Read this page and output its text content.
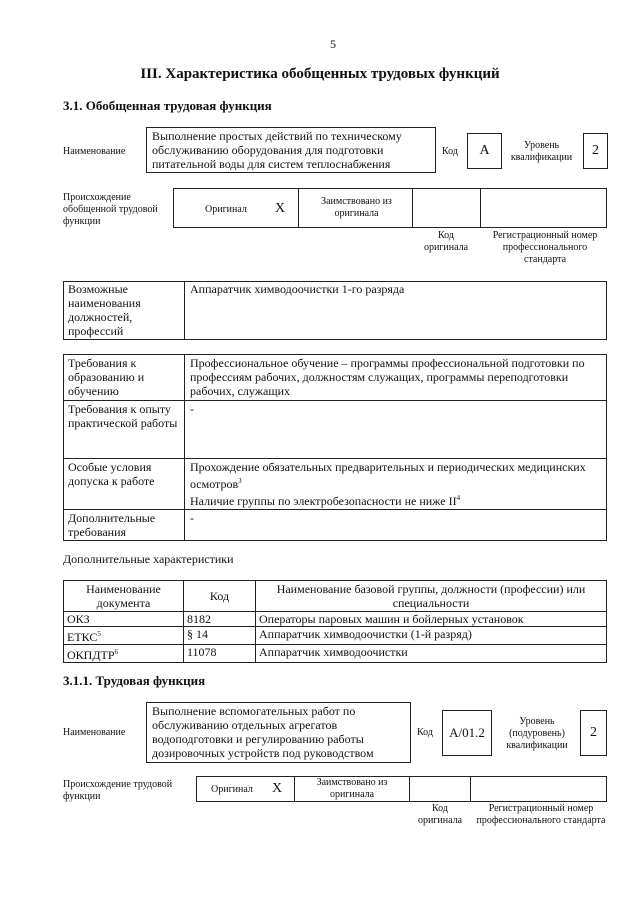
5
III. Характеристика обобщенных трудовых функций
3.1. Обобщенная трудовая функция
Наименование
Выполнение простых действий по техническому обслуживанию оборудования для подготовки питательной воды для систем теплоснабжения
Код	А	Уровень квалификации	2
Происхождение обобщенной трудовой функции
Оригинал X	Заимствовано из оригинала
Код оригинала
Регистрационный номер профессионального стандарта
Возможные наименования должностей, профессий	Аппаратчик химводоочистки 1-го разряда
Требования к образованию и обучению	Профессиональное обучение – программы профессиональной подготовки по профессиям рабочих, должностям служащих, программы переподготовки рабочих, служащих
Требования к опыту практической работы	-
Особые условия допуска к работе	Прохождение обязательных предварительных и периодических медицинских осмотров$^3$
Наличие группы по электробезопасности не ниже $II^4$
Дополнительные требования	-
Дополнительные характеристики
Наименование документа	Код	Наименование базовой группы, должности (профессии) или специальности
ОКЗ	8182	Операторы паровых машин и бойлерных установок
ЕТКС$^5$	§ 14	Аппаратчик химводоочистки (1-й разряд)
ОКПДТР$^6$	11078	Аппаратчик химводоочистки
3.1.1. Трудовая функция
Наименование
Выполнение вспомогательных работ по обслуживанию отдельных агрегатов водоподготовки и регулированию работы дозировочных устройств под руководством
Код	А/01.2
Уровень (подуровень) квалификации
2
Происхождение трудовой функции
Оригинал X	Заимствовано из оригинала
Код оригинала
Регистрационный номер профессионального стандарта
